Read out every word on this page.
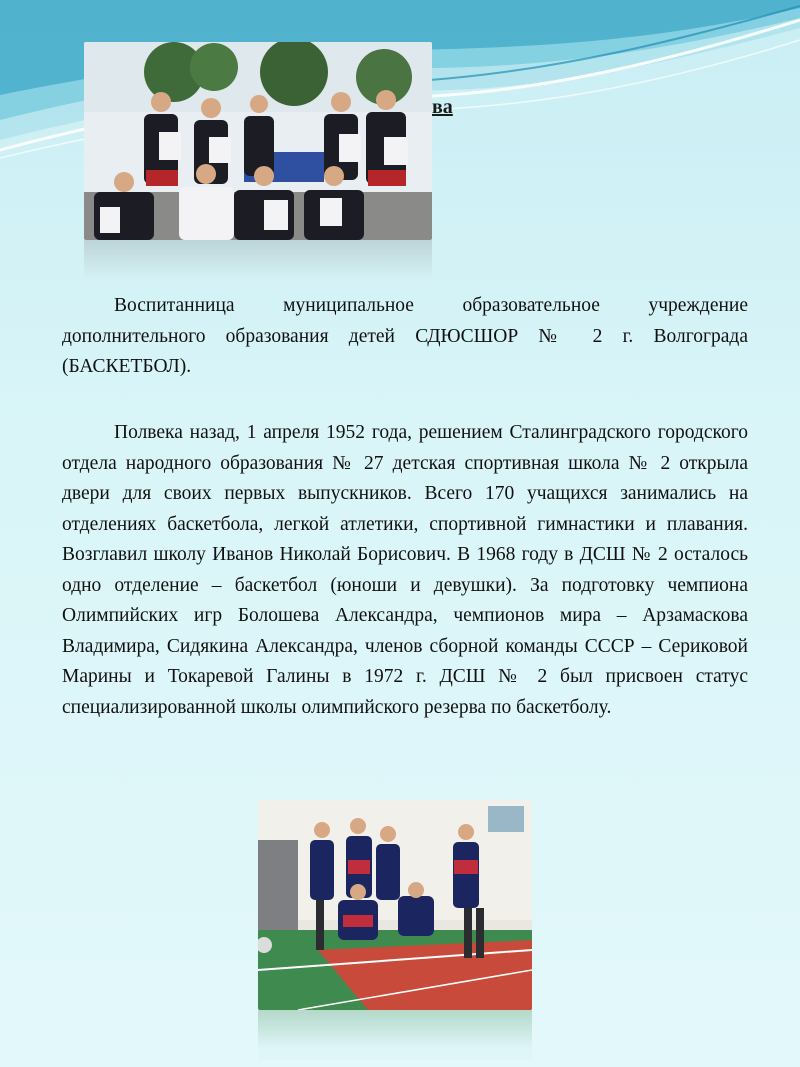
ва

Воспитанница муниципальное образовательное учреждение дополнительного образования детей СДЮСШОР № 2 г. Волгограда (БАСКЕТБОЛ).

Полвека назад, 1 апреля 1952 года, решением Сталинградского городского отдела народного образования № 27 детская спортивная школа № 2 открыла двери для своих первых выпускников. Всего 170 учащихся занимались на отделениях баскетбола, легкой атлетики, спортивной гимнастики и плавания. Возглавил школу Иванов Николай Борисович. В 1968 году в ДСШ № 2 осталось одно отделение – баскетбол (юноши и девушки). За подготовку чемпиона Олимпийских игр Болошева Александра, чемпионов мира – Арзамаскова Владимира, Сидякина Александра, членов сборной команды СССР – Сериковой Марины и Токаревой Галины в 1972 г. ДСШ № 2 был присвоен статус специализированной школы олимпийского резерва по баскетболу.
